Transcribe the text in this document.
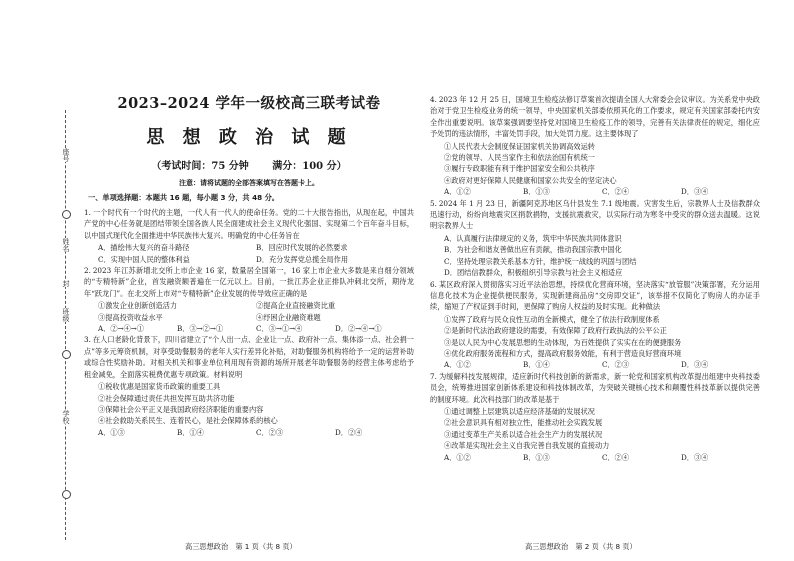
座号
姓名
封
班级
学校
2023–2024 学年一级校高三联考试卷
思 想 政 治 试 题
（考试时间：75 分钟 满分：100 分）
注意：请将试题的全部答案填写在答题卡上。
一、单项选择题：本题共 16 题，每小题 3 分，共 48 分。
1. 一个时代有一个时代的主题，一代人有一代人的使命任务。党的二十大报告指出，从现在起，中国共产党的中心任务就是团结带领全国各族人民全面建成社会主义现代化强国、实现第二个百年奋斗目标，以中国式现代化全面推进中华民族伟大复兴。明确党的中心任务旨在
A．描绘伟大复兴的奋斗路径	B．回应时代发展的必然要求
C．实现中国人民的整体利益	D．充分发挥党总揽全局作用
2. 2023 年江苏新增北交所上市企业 16 家，数量居全国第一，16 家上市企业大多数是来自细分领域的“专精特新”企业，首发融资额普遍在一亿元以上。目前，一批江苏企业正排队冲刺北交所，期待龙年“跃龙门”。在北交所上市对“专精特新”企业发展的传导效应正确的是
①激发企业创新创造活力	②提高企业直接融资比重
③提高投资收益水平	④纾困企业融资难题
A．②→④→①	B．③→②→①	C．③→①→④	D．②→④→①
3. 在人口老龄化背景下，四川省建立了“个人出一点、企业让一点、政府补一点、集体添一点、社会捐一点”等多元筹资机制，对享受助餐服务的老年人实行差异化补贴，对助餐服务机构将给予一定的运营补助或综合性奖励补助。对相关机关和事业单位利用现有资源的场所开展老年助餐服务的经营主体考虑给予租金减免，全面落实税费优惠专项政策。材料说明
①税收优惠是国家货币政策的重要工具
②社会保障通过责任共担发挥互助共济功能
③保障社会公平正义是我国政府经济职能的重要内容
④社会救助关系民生、连着民心，是社会保障体系的核心
A．①③	B．①④	C．②③	D．②④
4. 2023 年 12 月 25 日，国境卫生检疫法修订草案首次提请全国人大常委会会议审议。为关系党中央政治对于党卫生检疫业务的统一领导，中央国家机关部委依照其化的工作要求，规定有关国家部委托内安全作出重要说明。该草案强调要坚持党对国境卫生检疫工作的领导，完善有关法律责任的规定，细化应予处罚的违法情形，丰富处罚手段，加大处罚力度。这主要体现了
①人民代表大会制度保证国家机关协调高效运转
②党的领导、人民当家作主和依法治国有机统一
③履行专政职能有利于维护国家安全和公共秩序
④政府对更好保障人民健康和国家公共安全的坚定决心
A．①②	B．①③	C．②④	D．③④
5. 2024 年 1 月 23 日，新疆阿克苏地区乌什县发生 7.1 级地震。灾害发生后，宗教界人士及信教群众迅速行动，纷纷向地震灾区捐款捐物，支援抗震救灾，以实际行动为寒冬中受灾的群众送去温暖。这说明宗教界人士
A．认真履行法律规定的义务，筑牢中华民族共同体意识
B．为社会和谐友善做出应有贡献，推动我国宗教中国化
C．坚持处理宗教关系基本方针，维护统一战线的巩固与团结
D．团结信教群众，积极组织引导宗教与社会主义相适应
6. 某区政府深入贯彻落实习近平法治思想，持续优化营商环境，坚决落实“放管服”决策部署，充分运用信息化技术为企业提供便民服务，实现新建商品房“交房即交证”，该举措不仅简化了购房人的办证手续，缩短了产权证到手时间，更保障了购房人权益的及时实现。此种做法
①发挥了政府与民众良性互动的全新模式，健全了依法行政制度体系
②是新时代法治政府建设的需要，有效保障了政府行政执法的公平公正
③是以人民为中心发展思想的生动体现，为百姓提供了实实在在的便捷服务
④优化政府服务流程和方式，提高政府服务效能，有利于营造良好营商环境
A．①②	B．①④	C．②③	D．③④
7. 为缓解科技发展规律，适应新时代科技创新的新需求，新一轮党和国家机构改革提出组建中央科技委员会，统筹推进国家创新体系建设和科技体制改革，为突破关键核心技术和颠覆性科技革新以提供完善的制度环境。此次科技部门的改革是基于
①通过调整上层建筑以适应经济基础的发展状况
②社会意识具有相对独立性，能推动社会实践发展
③通过变革生产关系以适合社会生产力的发展状况
④改革是实现社会主义自我完善自我发展的直接动力
A．①②	B．①③	C．②④	D．③④
高三思想政治　第 1 页（共 8 页）	高三思想政治　第 2 页（共 8 页）
